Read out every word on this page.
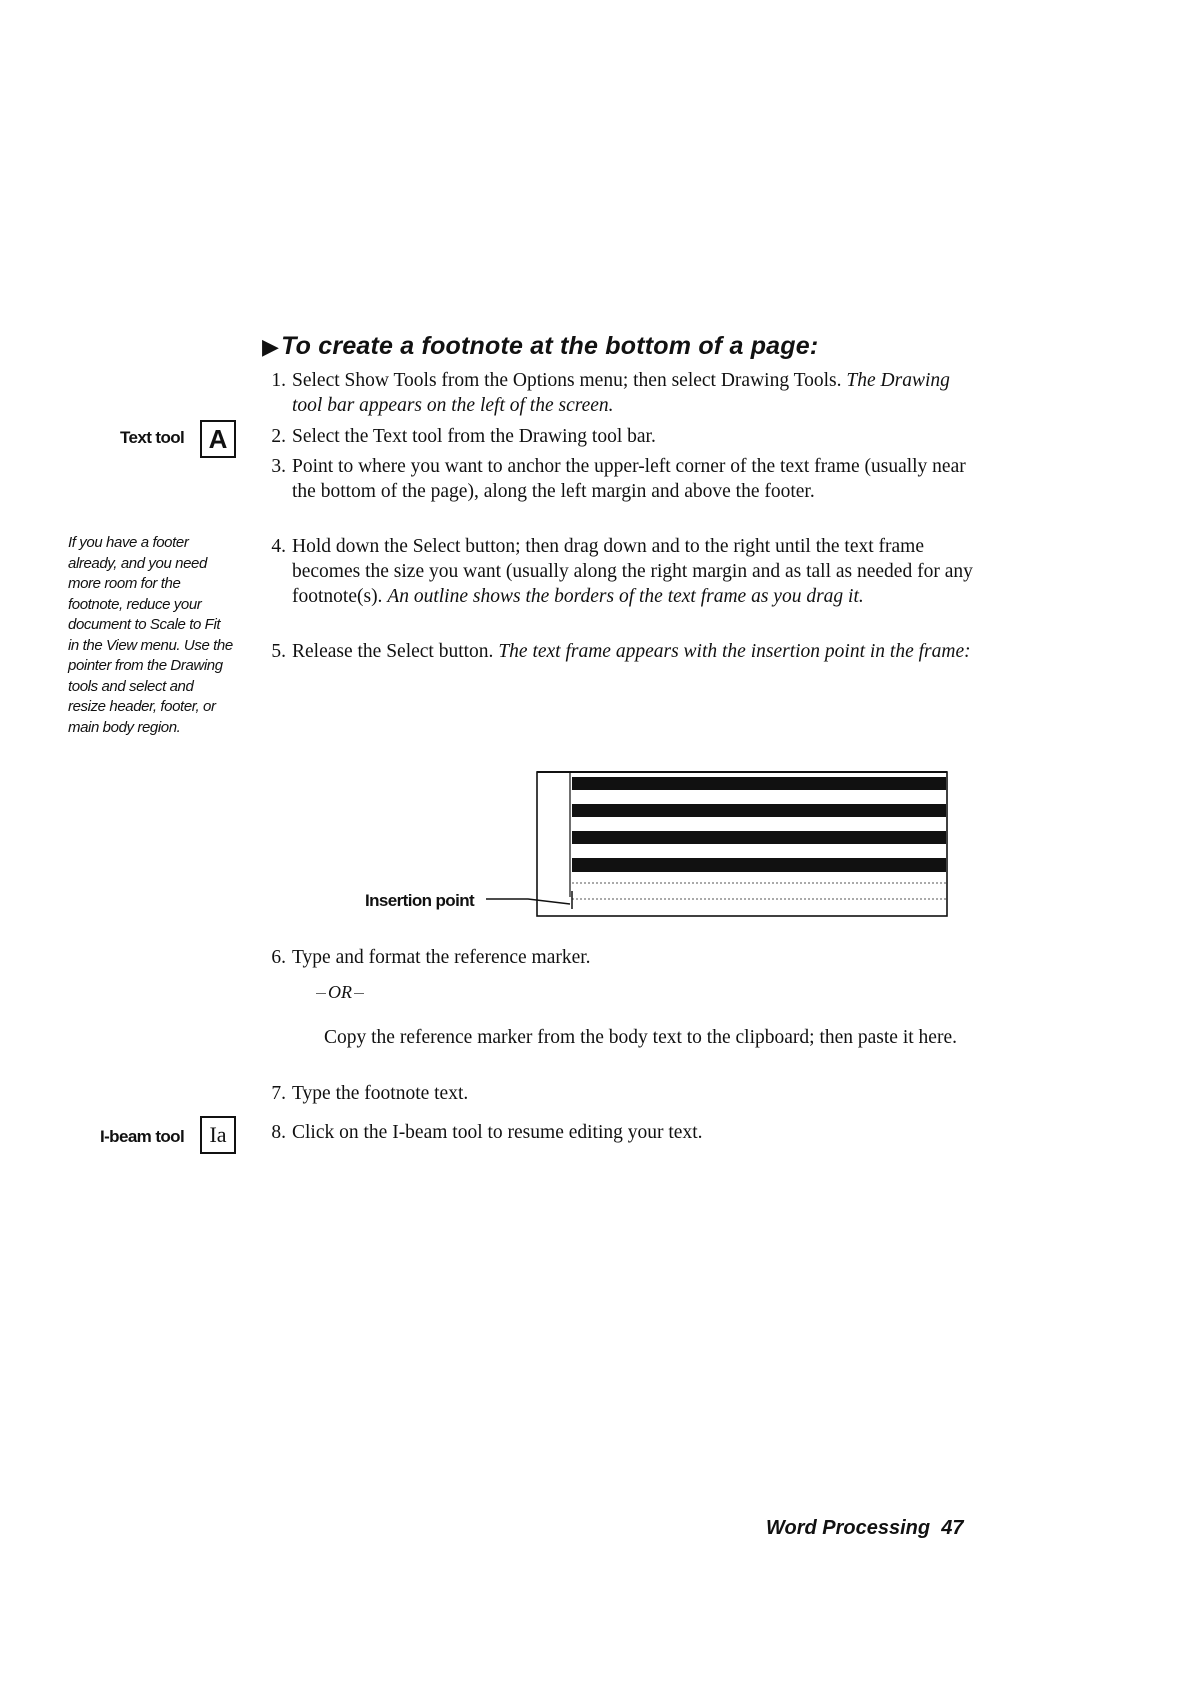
▶To create a footnote at the bottom of a page:
Text tool A
If you have a footer
already, and you need
more room for the
footnote, reduce your
document to Scale to Fit
in the View menu. Use the
pointer from the Drawing
tools and select and
resize header, footer, or
main body region.
I-beam tool Ia
1. Select Show Tools from the Options menu; then select Drawing Tools. The Drawing tool bar appears on the left of the screen.
2. Select the Text tool from the Drawing tool bar.
3. Point to where you want to anchor the upper-left corner of the text frame (usually near the bottom of the page), along the left margin and above the footer.
4. Hold down the Select button; then drag down and to the right until the text frame becomes the size you want (usually along the right margin and as tall as needed for any footnote(s). An outline shows the borders of the text frame as you drag it.
5. Release the Select button. The text frame appears with the insertion point in the frame:
Insertion point
6. Type and format the reference marker.
OR
Copy the reference marker from the body text to the clipboard; then paste it here.
7. Type the footnote text.
8. Click on the I-beam tool to resume editing your text.
Word Processing 47
